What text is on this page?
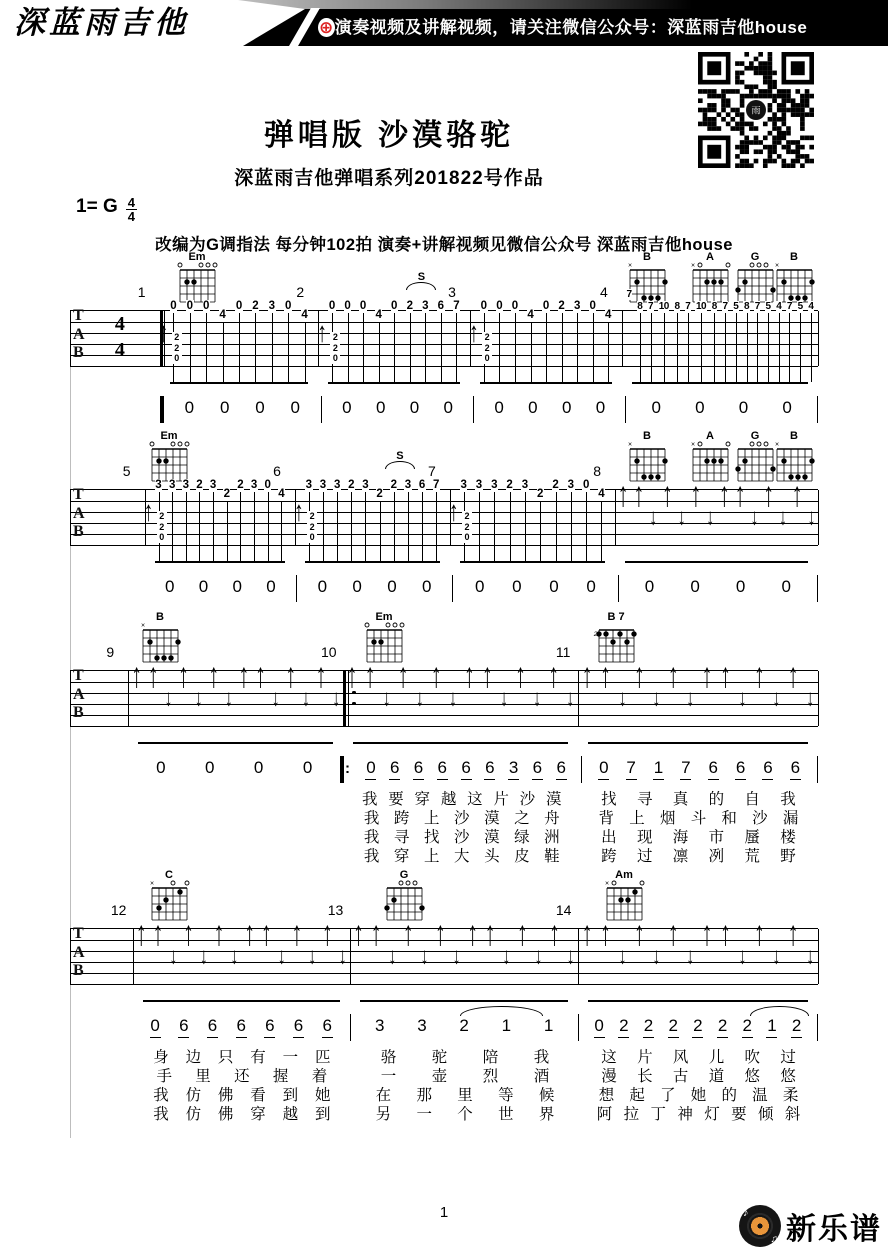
深蓝雨吉他	⊕演奏视频及讲解视频，请关注微信公众号：深蓝雨吉他house
雨
弹唱版 沙漠骆驼
深蓝雨吉他弹唱系列201822号作品
1= G $\frac{4}{4}$
改编为G调指法 每分钟102拍 演奏+讲解视频见微信公众号 深蓝雨吉他house
T
A
B
4
4
1
Em
0 0 0
4
0 2 3 0
4
↑ 2
2
0
2
0 0 0
4
0 2 3 6 7
↑ 2
2
0
S
3
0 0 0
4
0 2 3 0
4
↑ 2
2
0
4
B
×
A
×
G	B
×
7
8 7 10 8 7 10 8 7 5 8 7 5 4 7 5 4
0 0 0 0 0 0 0 0 0 0 0 0	0 0 0 0
T
A
B
5
Em
3 3 3 2 3
2
2 3 0
4
↑ 2
2
0
6
3 3 3 2 3
2
2 3 6 7
↑ 2
2
0
S
7
3 3 3 2 3
2
2 3 0
4
↑ 2
2
0
8
B
×
A
×
G	B
×
↑ ↑
↓
↑
↓
↑
↓
↑ ↑
↓
↑
↓
↑
↓
0 0 0 0 0 0 0 0	0 0 0 0	0 0 0 0
T
A
B
9
B
×
↑ ↑
↓
↑
↓
↑
↓
↑ ↑
↓
↑
↓
↑
↓
10
Em
↑ ↑
↓
↑
↓
↑
↓
↑ ↑
↓
↑
↓
↑
↓
11
B 7
2
↑ ↑
↓
↑
↓
↑
↓
↑ ↑
↓
↑
↓
↑
↓
0 0 0 0 : 0 6 6 6 6 6 3 6 6 0 7 1 7 6 6 6 6
我 要 穿 越 这 片 沙 漠	找 寻 真 的 自 我
我 跨 上 沙 漠 之 舟	背 上 烟 斗 和 沙 漏
我 寻 找 沙 漠 绿 洲	出 现 海 市 蜃 楼
我 穿 上 大 头 皮 鞋	跨 过 凛 冽 荒 野
T
A
B
12
C
×
↑ ↑
↓
↑
↓
↑
↓
↑ ↑
↓
↑
↓
↑
↓
13
G
↑ ↑
↓
↑
↓
↑
↓
↑ ↑
↓
↑
↓
↑
↓
14
Am
×
↑ ↑
↓
↑
↓
↑
↓
↑ ↑
↓
↑
↓
↑
↓
0 6 6 6 6 6 6	3 3 2 1 1 0 2 2 2 2 2 2 1 2
身 边 只 有 一 匹	骆 驼 陪 我	这 片 风 儿 吹 过
手 里 还 握 着	一 壶 烈 酒	漫 长 古 道 悠 悠
我 仿 佛 看 到 她	在 那 里 等 候	想 起 了 她 的 温 柔
我 仿 佛 穿 越 到	另 一 个 世 界	阿 拉 丁 神 灯 要 倾 斜
1
♫ ♪
新乐谱
